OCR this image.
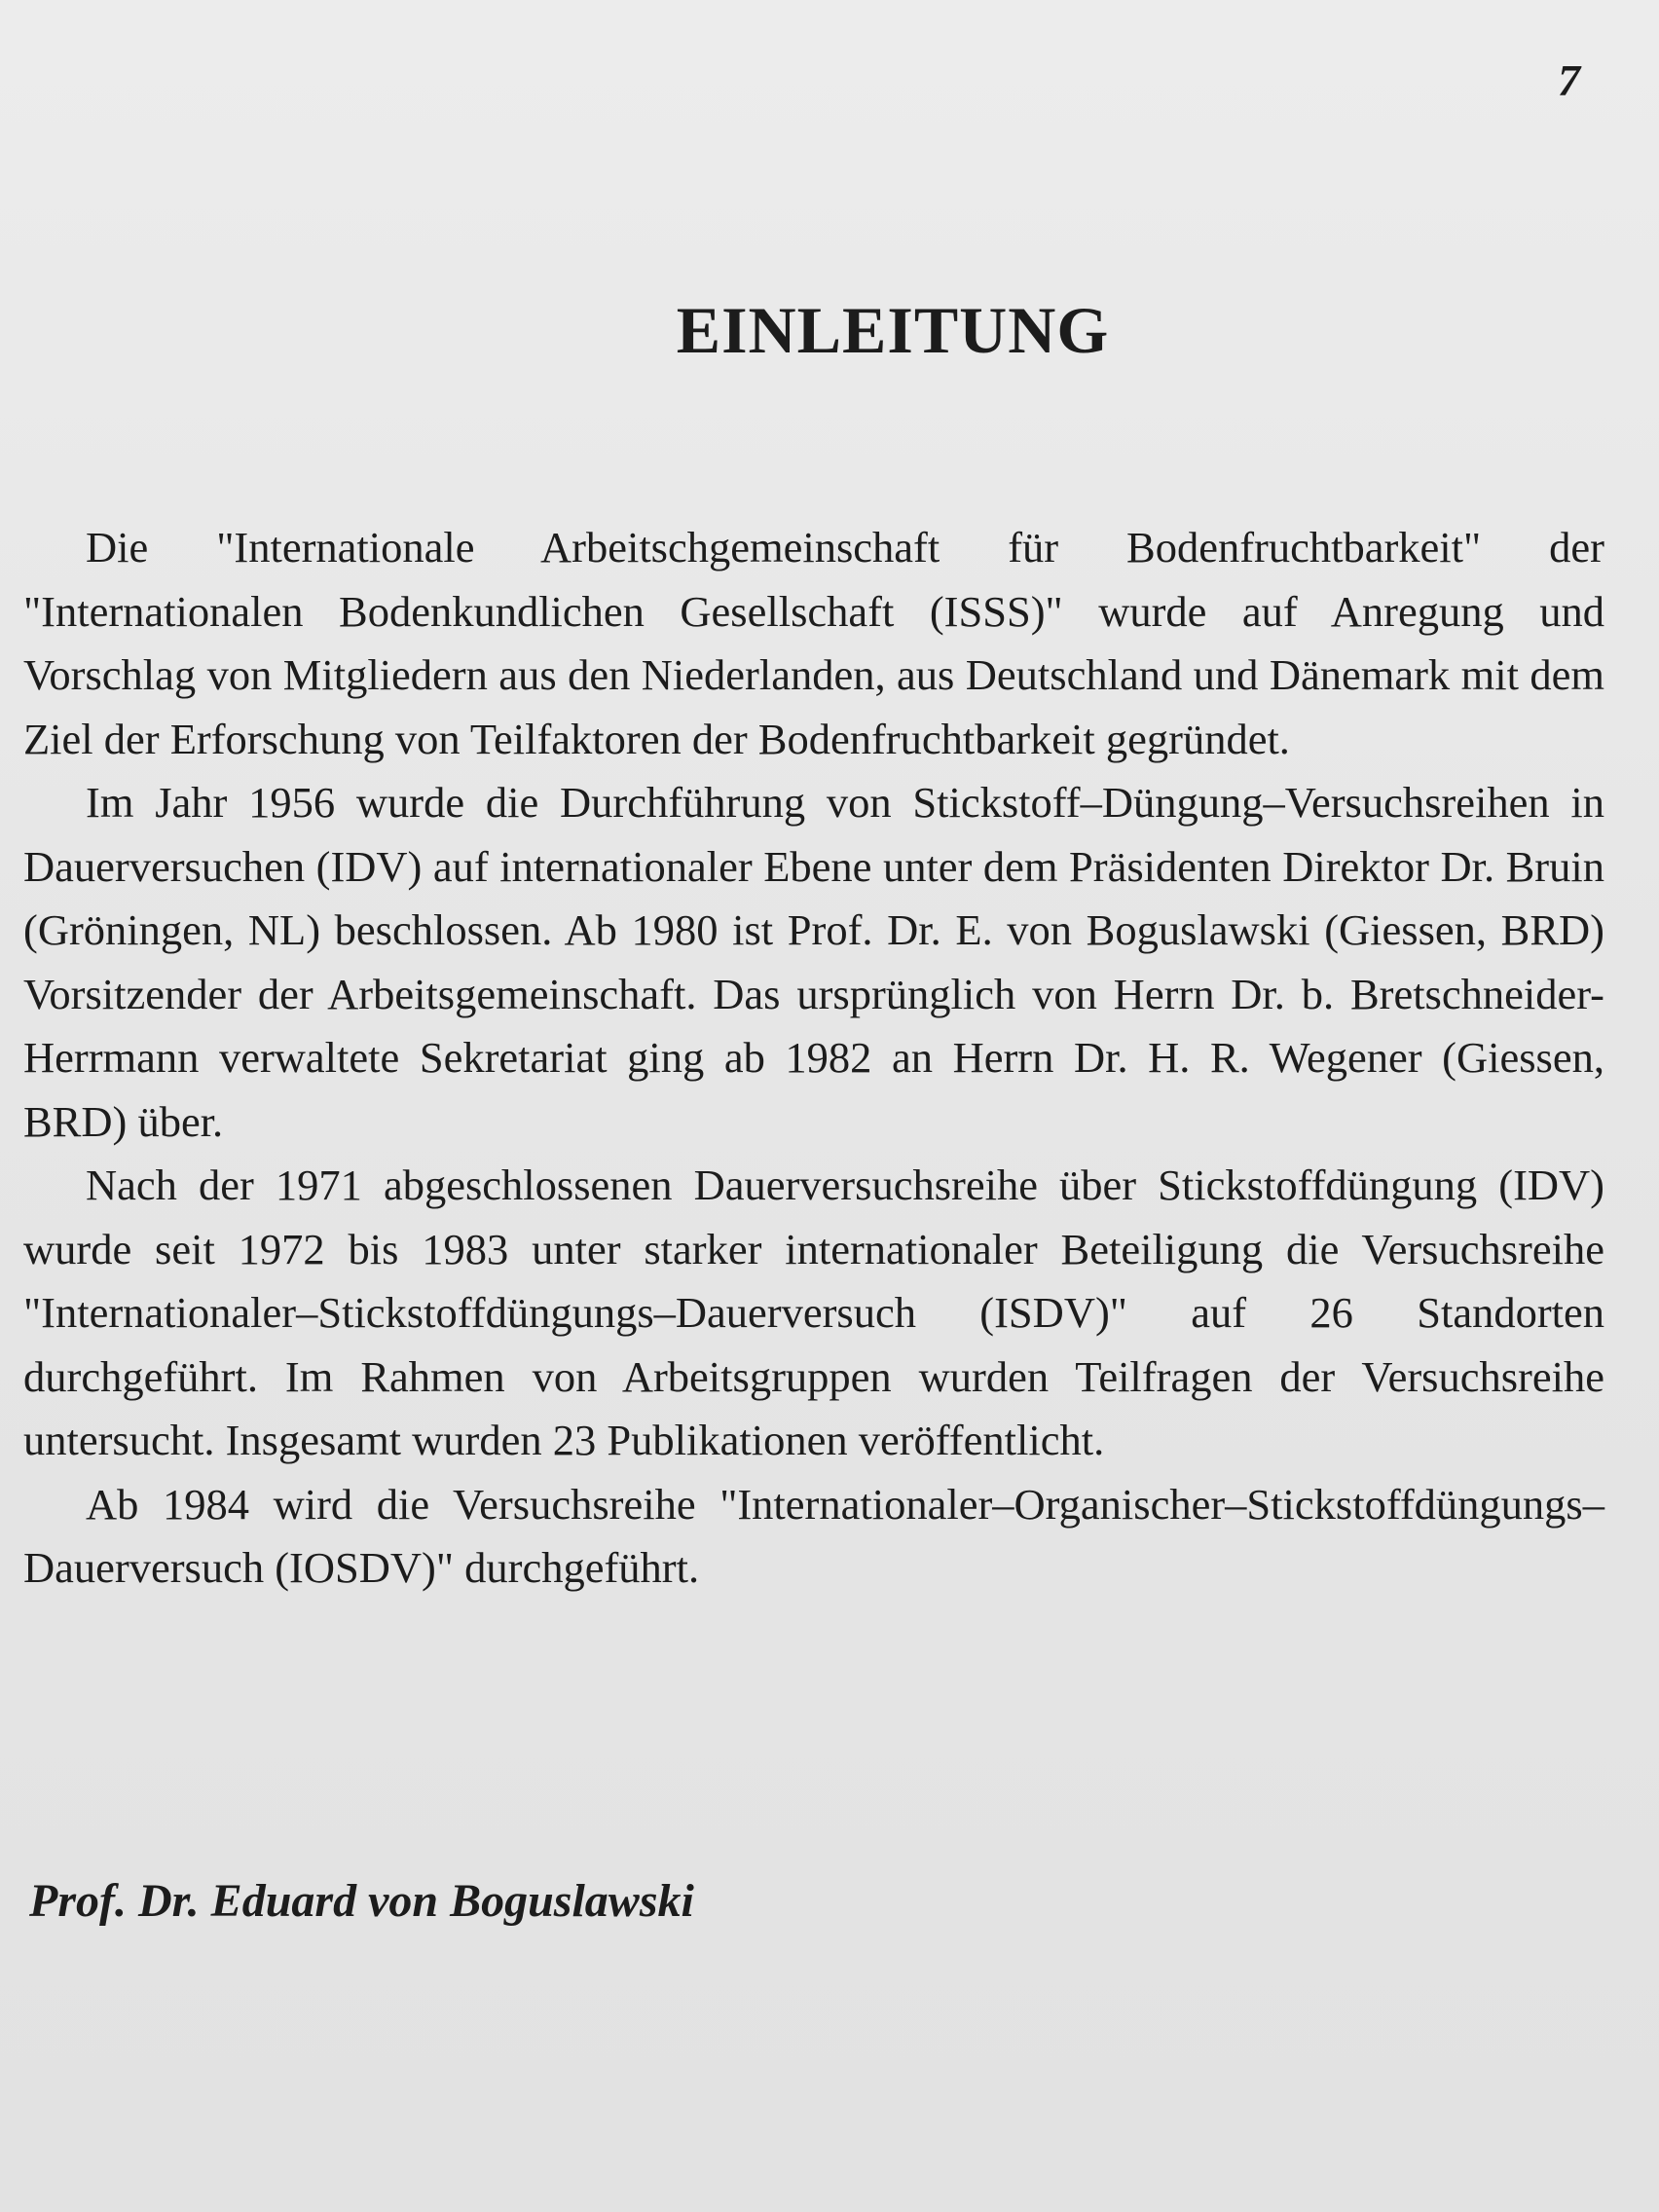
7
EINLEITUNG

Die "Internationale Arbeitschgemeinschaft für Bodenfruchtbarkeit" der "Internationalen Bodenkundlichen Gesellschaft (ISSS)" wurde auf Anregung und Vorschlag von Mitgliedern aus den Niederlanden, aus Deutschland und Dänemark mit dem Ziel der Erforschung von Teilfaktoren der Bodenfruchtbarkeit gegründet.

Im Jahr 1956 wurde die Durchführung von Stickstoff–Düngung–Versuchsreihen in Dauerversuchen (IDV) auf internationaler Ebene unter dem Präsidenten Direktor Dr. Bruin (Gröningen, NL) beschlossen. Ab 1980 ist Prof. Dr. E. von Boguslawski (Giessen, BRD) Vorsitzender der Arbeitsgemeinschaft. Das ursprünglich von Herrn Dr. b. Bretschneider-Herrmann verwaltete Sekretariat ging ab 1982 an Herrn Dr. H. R. Wegener (Giessen, BRD) über.

Nach der 1971 abgeschlossenen Dauerversuchsreihe über Stickstoffdüngung (IDV) wurde seit 1972 bis 1983 unter starker internationaler Beteiligung die Versuchsreihe "Internationaler–Stickstoffdüngungs–Dauerversuch (ISDV)" auf 26 Standorten durchgeführt. Im Rahmen von Arbeitsgruppen wurden Teilfragen der Versuchsreihe untersucht. Insgesamt wurden 23 Publikationen veröffentlicht.

Ab 1984 wird die Versuchsreihe "Internationaler–Organischer–Stickstoffdüngungs–Dauerversuch (IOSDV)" durchgeführt.

Prof. Dr. Eduard von Boguslawski
